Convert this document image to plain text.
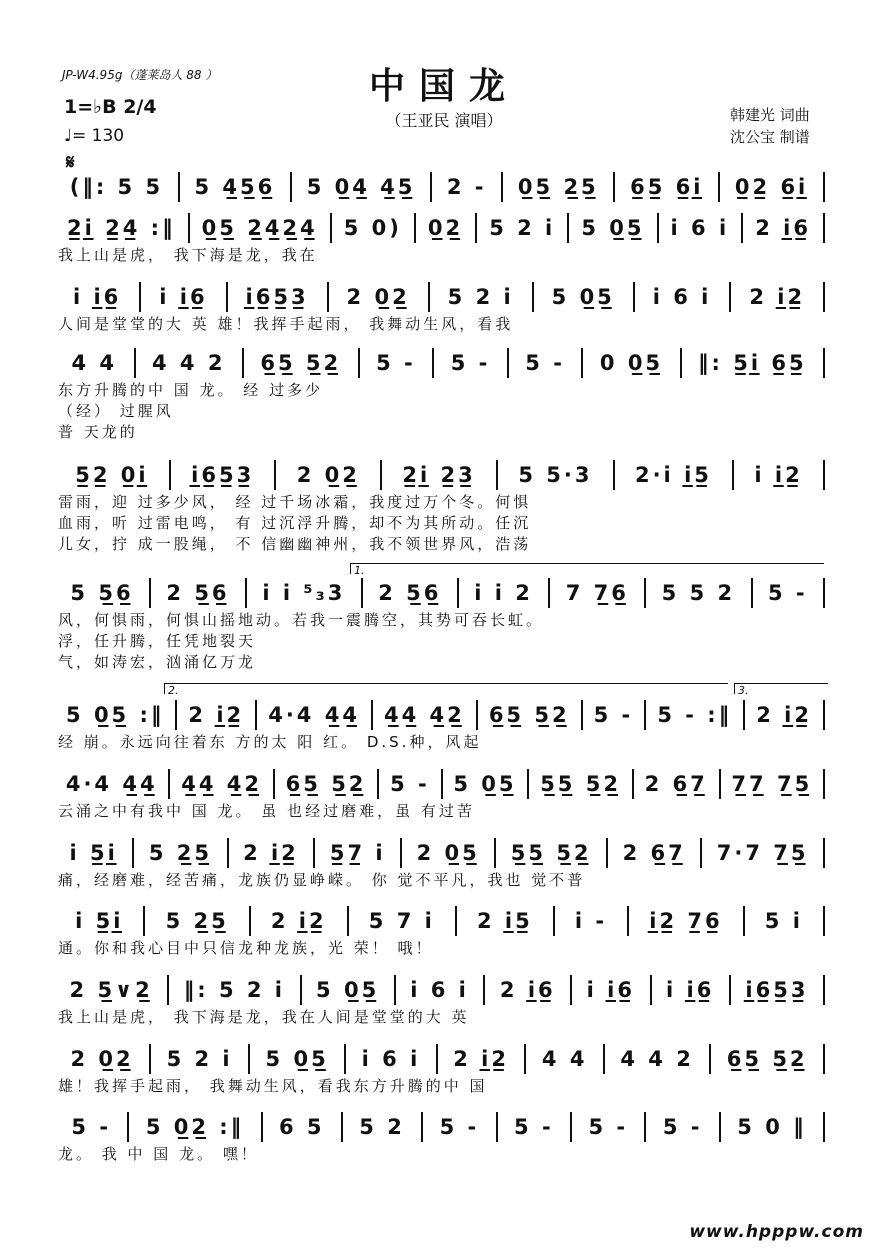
JP-W4.95g（蓬莱岛人 88 ）	中国龙
（王亚民 演唱）	韩建光 词曲
沈公宝 制谱
1=♭B 2/4
♩= 130
𝄋
1.
2.	3.
(‖: 5 5	5 4̲5̲6̲	5 0̲4̲ 4̲5̲	2 -	0̲5̲ 2̲5̲	6̲5̲ 6̲i̲	0̲2̲ 6̲i̲
2̲i̲ 2̲4̲ :‖	0̲5̲ 2̲4̲2̲4̲	5 0)	0̲2̲	5 2 i	5 0̲5̲	i 6 i	2 i̲6̲
我上山是虎， 我下海是龙，我在
i i̲6̲	i i̲6̲	i̲6̲5̲3̲	2 0̲2̲	5 2 i	5 0̲5̲	i 6 i	2 i̲2̲
人间是堂堂的大 英 雄！我挥手起雨， 我舞动生风，看我
4 4	4 4 2	6̲5̲ 5̲2̲	5 -	5 -	5 -	0 0̲5̲	‖: 5̲i̲ 6̲5̲
东方升腾的中 国 龙。 经 过多少
（经） 过腥风
普 天龙的
5̲2̲ 0̲i̲	i̲6̲5̲3̲	2 0̲2̲	2̲i̲ 2̲3̲	5 5·3	2·i i̲5̲	i i̲2̲
雷雨，迎 过多少风， 经 过千场冰霜，我度过万个冬。何惧
血雨，听 过雷电鸣， 有 过沉浮升腾，却不为其所动。任沉
儿女，拧 成一股绳， 不 信幽幽神州，我不领世界风，浩荡
5 5̲6̲	2 5̲6̲	i i ⁵₃3	2 5̲6̲	i i 2	7 7̲6̲	5 5 2	5 -
风，何惧雨，何惧山摇地动。若我一震腾空，其势可吞长虹。
浮，任升腾，任凭地裂天
气，如涛宏，汹涌亿万龙
5 0̲5̲ :‖	2 i̲2̲	4·4 4̲4̲	4̲4̲ 4̲2̲	6̲5̲ 5̲2̲	5 -	5 - :‖	2 i̲2̲
经 崩。永远向往着东 方的太 阳 红。 D.S.种，风起
4·4 4̲4̲	4̲4̲ 4̲2̲	6̲5̲ 5̲2̲	5 -	5 0̲5̲	5̲5̲ 5̲2̲	2 6̲7̲	7̲7̲ 7̲5̲
云涌之中有我中 国 龙。 虽 也经过磨难，虽 有过苦
i 5̲i̲	5 2̲5̲	2 i̲2̲	5̲7̲ i	2 0̲5̲	5̲5̲ 5̲2̲	2 6̲7̲	7·7 7̲5̲
痛，经磨难，经苦痛，龙族仍显峥嵘。 你 觉不平凡，我也 觉不普
i 5̲i̲	5 2̲5̲	2 i̲2̲	5 7 i	2 i̲5̲	i -	i̲2̲ 7̲6̲	5 i
通。你和我心目中只信龙种龙族，光 荣！ 哦！
2 5̲∨2̲	‖: 5 2 i	5 0̲5̲	i 6 i	2 i̲6̲	i i̲6̲	i i̲6̲	i̲6̲5̲3̲
我上山是虎， 我下海是龙，我在人间是堂堂的大 英
2 0̲2̲	5 2 i	5 0̲5̲	i 6 i	2 i̲2̲	4 4	4 4 2	6̲5̲ 5̲2̲
雄！我挥手起雨， 我舞动生风，看我东方升腾的中 国
5 -	5 0̲2̲ :‖	6 5	5 2	5 -	5 -	5 -	5 -	5 0 ‖
龙。 我 中 国 龙。 嘿！
www.hpppw.com
